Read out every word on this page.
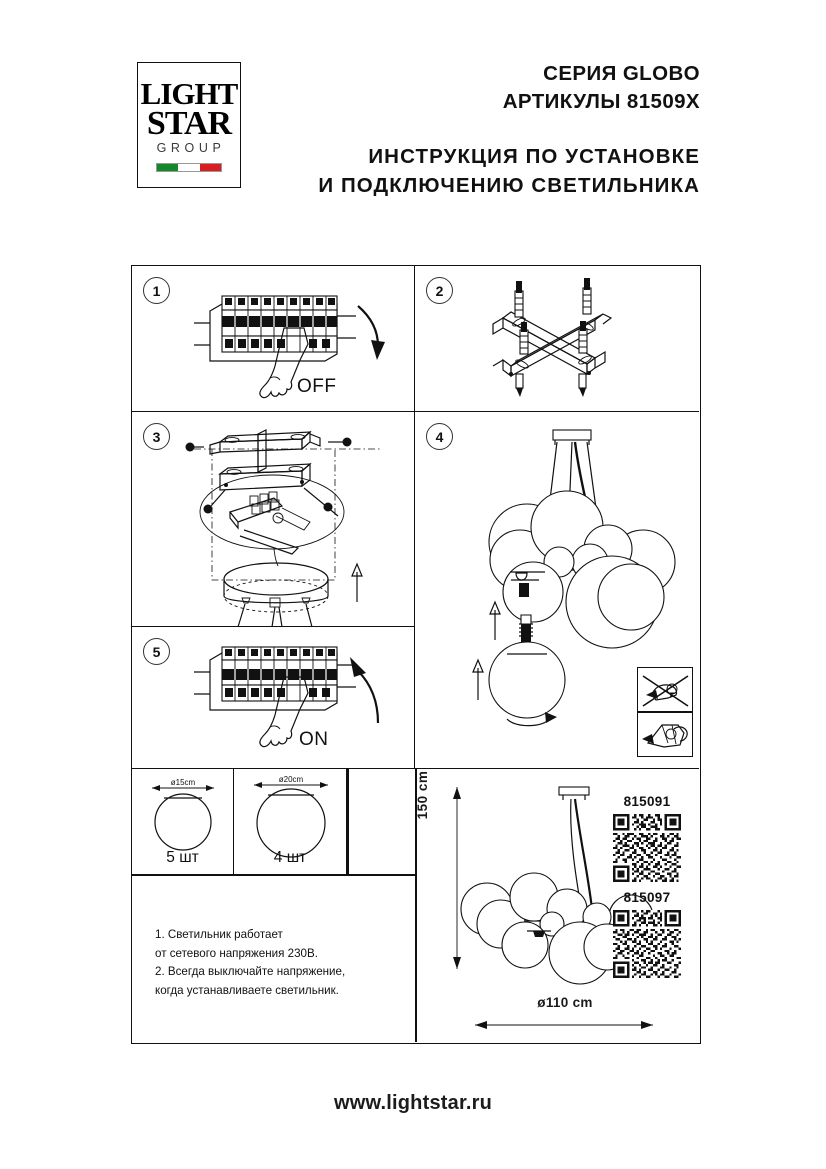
LIGHT
STAR
GROUP
СЕРИЯ GLOBO
АРТИКУЛЫ 81509X
ИНСТРУКЦИЯ ПО УСТАНОВКЕ
И ПОДКЛЮЧЕНИЮ СВЕТИЛЬНИКА
1
OFF
2
3	4
5
ON
ø15cm
5 шт
ø20cm
4 шт
150 cm
ø110 cm
815091
815097
1. Светильник работает
от сетевого напряжения 230В.
2. Всегда выключайте напряжение,
когда устанавливаете светильник.
www.lightstar.ru
